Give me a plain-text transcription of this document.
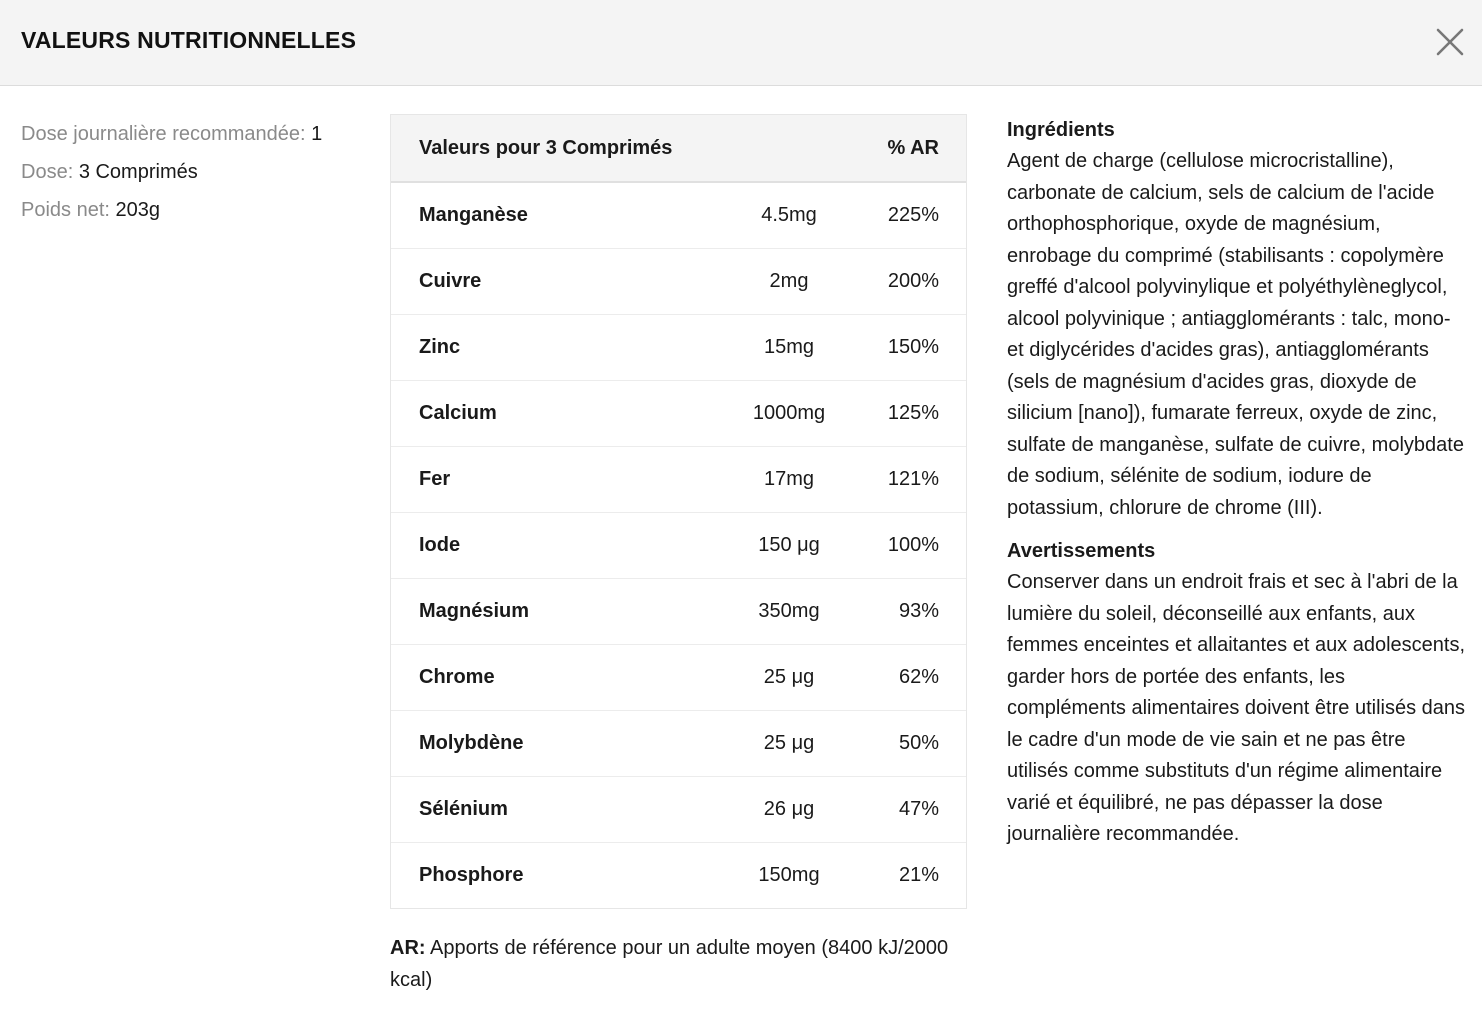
VALEURS NUTRITIONNELLES
Dose journalière recommandée: 1
Dose: 3 Comprimés
Poids net: 203g
Valeurs pour 3 Comprimés		% AR
Manganèse	4.5mg	225%
Cuivre	2mg	200%
Zinc	15mg	150%
Calcium	1000mg	125%
Fer	17mg	121%
Iode	150 μg	100%
Magnésium	350mg	93%
Chrome	25 μg	62%
Molybdène	25 μg	50%
Sélénium	26 μg	47%
Phosphore	150mg	21%
AR: Apports de référence pour un adulte moyen (8400 kJ/2000 kcal)
Ingrédients

Agent de charge (cellulose microcristalline), carbonate de calcium, sels de calcium de l'acide orthophosphorique, oxyde de magnésium, enrobage du comprimé (stabilisants : copolymère greffé d'alcool polyvinylique et polyéthylèneglycol, alcool polyvinique ; antiagglomérants : talc, mono- et diglycérides d'acides gras), antiagglomérants (sels de magnésium d'acides gras, dioxyde de silicium [nano]), fumarate ferreux, oxyde de zinc, sulfate de manganèse, sulfate de cuivre, molybdate de sodium, sélénite de sodium, iodure de potassium, chlorure de chrome (III).

Avertissements

Conserver dans un endroit frais et sec à l'abri de la lumière du soleil, déconseillé aux enfants, aux femmes enceintes et allaitantes et aux adolescents, garder hors de portée des enfants, les compléments alimentaires doivent être utilisés dans le cadre d'un mode de vie sain et ne pas être utilisés comme substituts d'un régime alimentaire varié et équilibré, ne pas dépasser la dose journalière recommandée.
